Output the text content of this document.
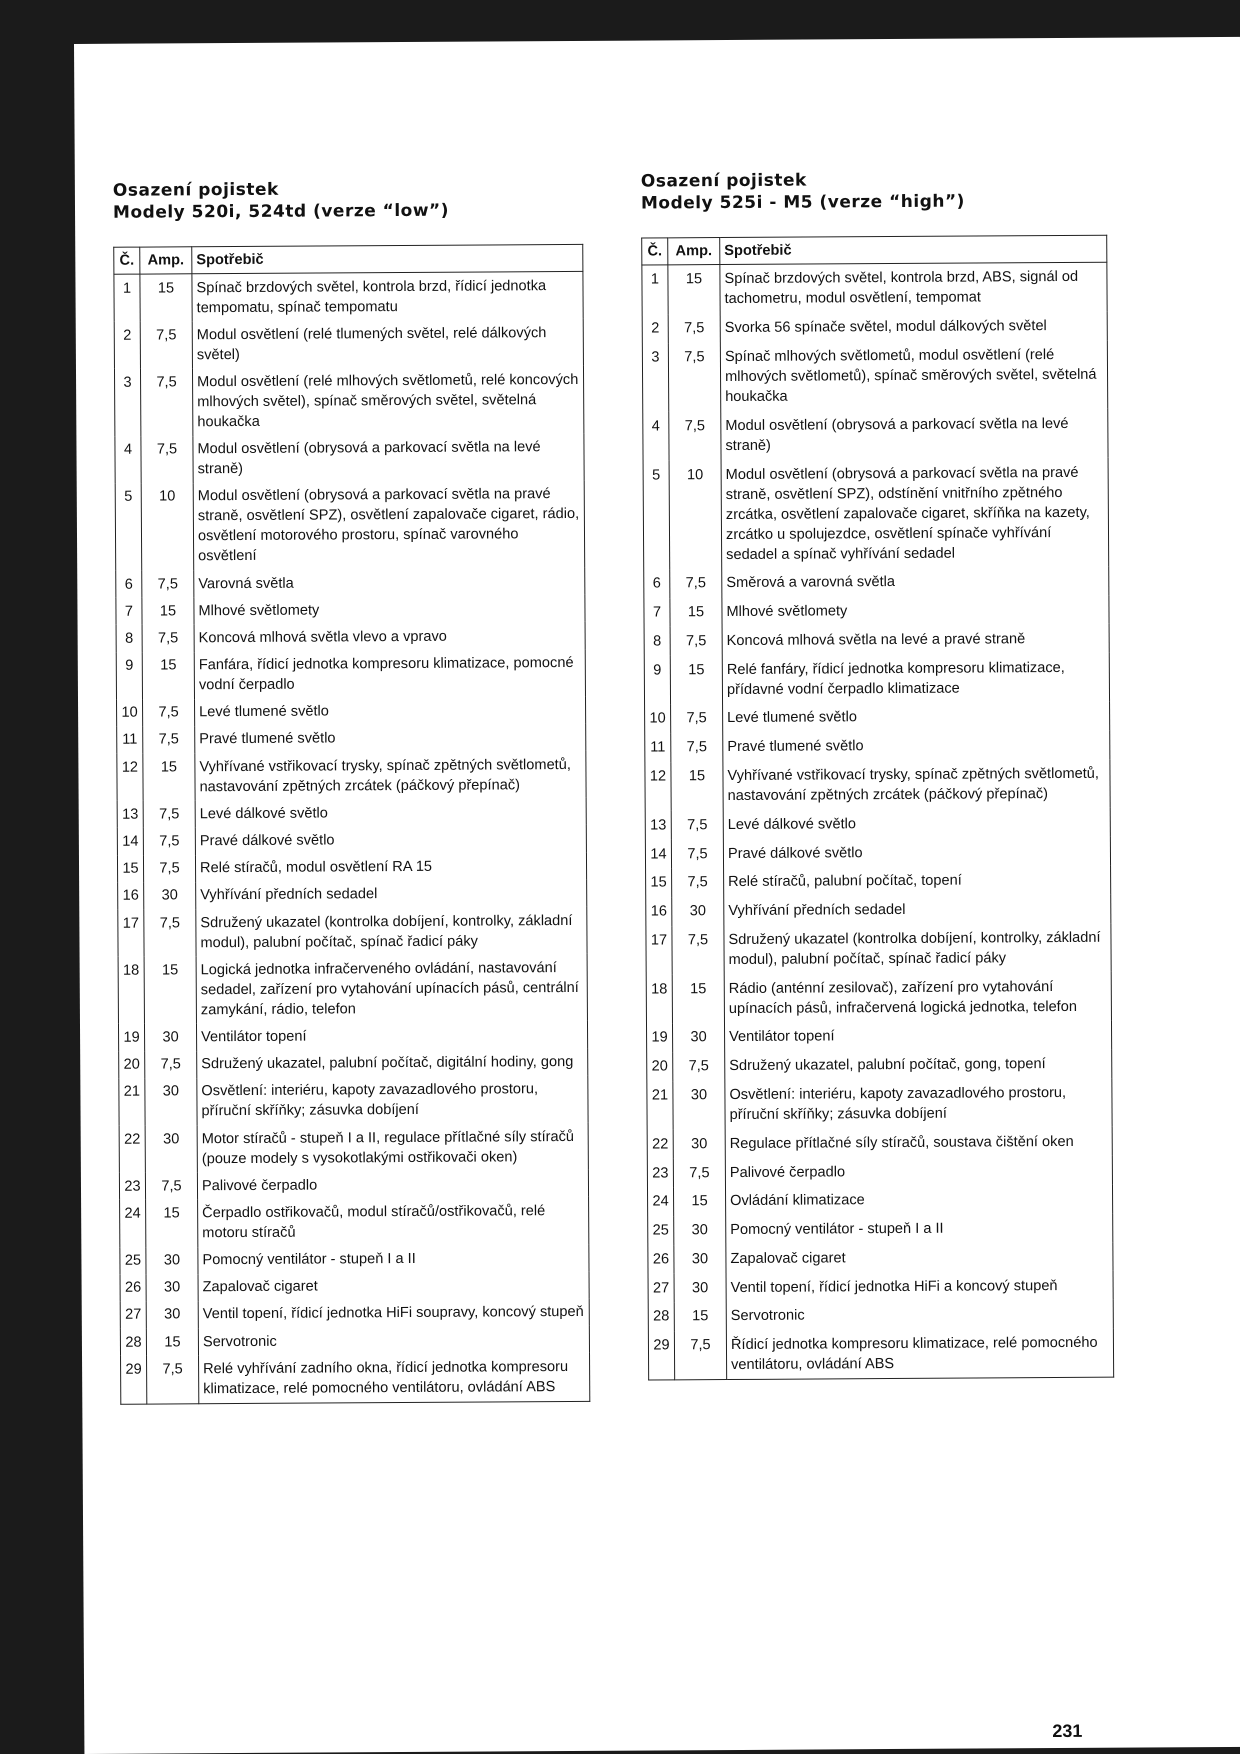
Osazení pojistek
Modely 520i, 524td (verze “low”)
Č.	Amp.	Spotřebič
1	15	Spínač brzdových světel, kontrola brzd, řídicí jednotka tempomatu, spínač tempomatu
2	7,5	Modul osvětlení (relé tlumených světel, relé dálkových světel)
3	7,5	Modul osvětlení (relé mlhových světlometů, relé koncových mlhových světel), spínač směrových světel, světelná houkačka
4	7,5	Modul osvětlení (obrysová a parkovací světla na levé straně)
5	10	Modul osvětlení (obrysová a parkovací světla na pravé straně, osvětlení SPZ), osvětlení zapalovače cigaret, rádio, osvětlení motorového prostoru, spínač varovného osvětlení
6	7,5	Varovná světla
7	15	Mlhové světlomety
8	7,5	Koncová mlhová světla vlevo a vpravo
9	15	Fanfára, řídicí jednotka kompresoru klimatizace, pomocné vodní čerpadlo
10	7,5	Levé tlumené světlo
11	7,5	Pravé tlumené světlo
12	15	Vyhřívané vstřikovací trysky, spínač zpětných světlometů, nastavování zpětných zrcátek (páčkový přepínač)
13	7,5	Levé dálkové světlo
14	7,5	Pravé dálkové světlo
15	7,5	Relé stíračů, modul osvětlení RA 15
16	30	Vyhřívání předních sedadel
17	7,5	Sdružený ukazatel (kontrolka dobíjení, kontrolky, základní modul), palubní počítač, spínač řadicí páky
18	15	Logická jednotka infračerveného ovládání, nastavování sedadel, zařízení pro vytahování upínacích pásů, centrální zamykání, rádio, telefon
19	30	Ventilátor topení
20	7,5	Sdružený ukazatel, palubní počítač, digitální hodiny, gong
21	30	Osvětlení: interiéru, kapoty zavazadlového prostoru, příruční skříňky; zásuvka dobíjení
22	30	Motor stíračů - stupeň I a II, regulace přítlačné síly stíračů (pouze modely s vysokotlakými ostřikovači oken)
23	7,5	Palivové čerpadlo
24	15	Čerpadlo ostřikovačů, modul stíračů/ostřikovačů, relé motoru stíračů
25	30	Pomocný ventilátor - stupeň I a II
26	30	Zapalovač cigaret
27	30	Ventil topení, řídicí jednotka HiFi soupravy, koncový stupeň
28	15	Servotronic
29	7,5	Relé vyhřívání zadního okna, řídicí jednotka kompresoru klimatizace, relé pomocného ventilátoru, ovládání ABS
Osazení pojistek
Modely 525i - M5 (verze “high”)
Č.	Amp.	Spotřebič
1	15	Spínač brzdových světel, kontrola brzd, ABS, signál od tachometru, modul osvětlení, tempomat
2	7,5	Svorka 56 spínače světel, modul dálkových světel
3	7,5	Spínač mlhových světlometů, modul osvětlení (relé mlhových světlometů), spínač směrových světel, světelná houkačka
4	7,5	Modul osvětlení (obrysová a parkovací světla na levé straně)
5	10	Modul osvětlení (obrysová a parkovací světla na pravé straně, osvětlení SPZ), odstínění vnitřního zpětného zrcátka, osvětlení zapalovače cigaret, skříňka na kazety, zrcátko u spolujezdce, osvětlení spínače vyhřívání sedadel a spínač vyhřívání sedadel
6	7,5	Směrová a varovná světla
7	15	Mlhové světlomety
8	7,5	Koncová mlhová světla na levé a pravé straně
9	15	Relé fanfáry, řídicí jednotka kompresoru klimatizace, přídavné vodní čerpadlo klimatizace
10	7,5	Levé tlumené světlo
11	7,5	Pravé tlumené světlo
12	15	Vyhřívané vstřikovací trysky, spínač zpětných světlometů, nastavování zpětných zrcátek (páčkový přepínač)
13	7,5	Levé dálkové světlo
14	7,5	Pravé dálkové světlo
15	7,5	Relé stíračů, palubní počítač, topení
16	30	Vyhřívání předních sedadel
17	7,5	Sdružený ukazatel (kontrolka dobíjení, kontrolky, základní modul), palubní počítač, spínač řadicí páky
18	15	Rádio (anténní zesilovač), zařízení pro vytahování upínacích pásů, infračervená logická jednotka, telefon
19	30	Ventilátor topení
20	7,5	Sdružený ukazatel, palubní počítač, gong, topení
21	30	Osvětlení: interiéru, kapoty zavazadlového prostoru, příruční skříňky; zásuvka dobíjení
22	30	Regulace přítlačné síly stíračů, soustava čištění oken
23	7,5	Palivové čerpadlo
24	15	Ovládání klimatizace
25	30	Pomocný ventilátor - stupeň I a II
26	30	Zapalovač cigaret
27	30	Ventil topení, řídicí jednotka HiFi a koncový stupeň
28	15	Servotronic
29	7,5	Řídicí jednotka kompresoru klimatizace, relé pomocného ventilátoru, ovládání ABS
231
